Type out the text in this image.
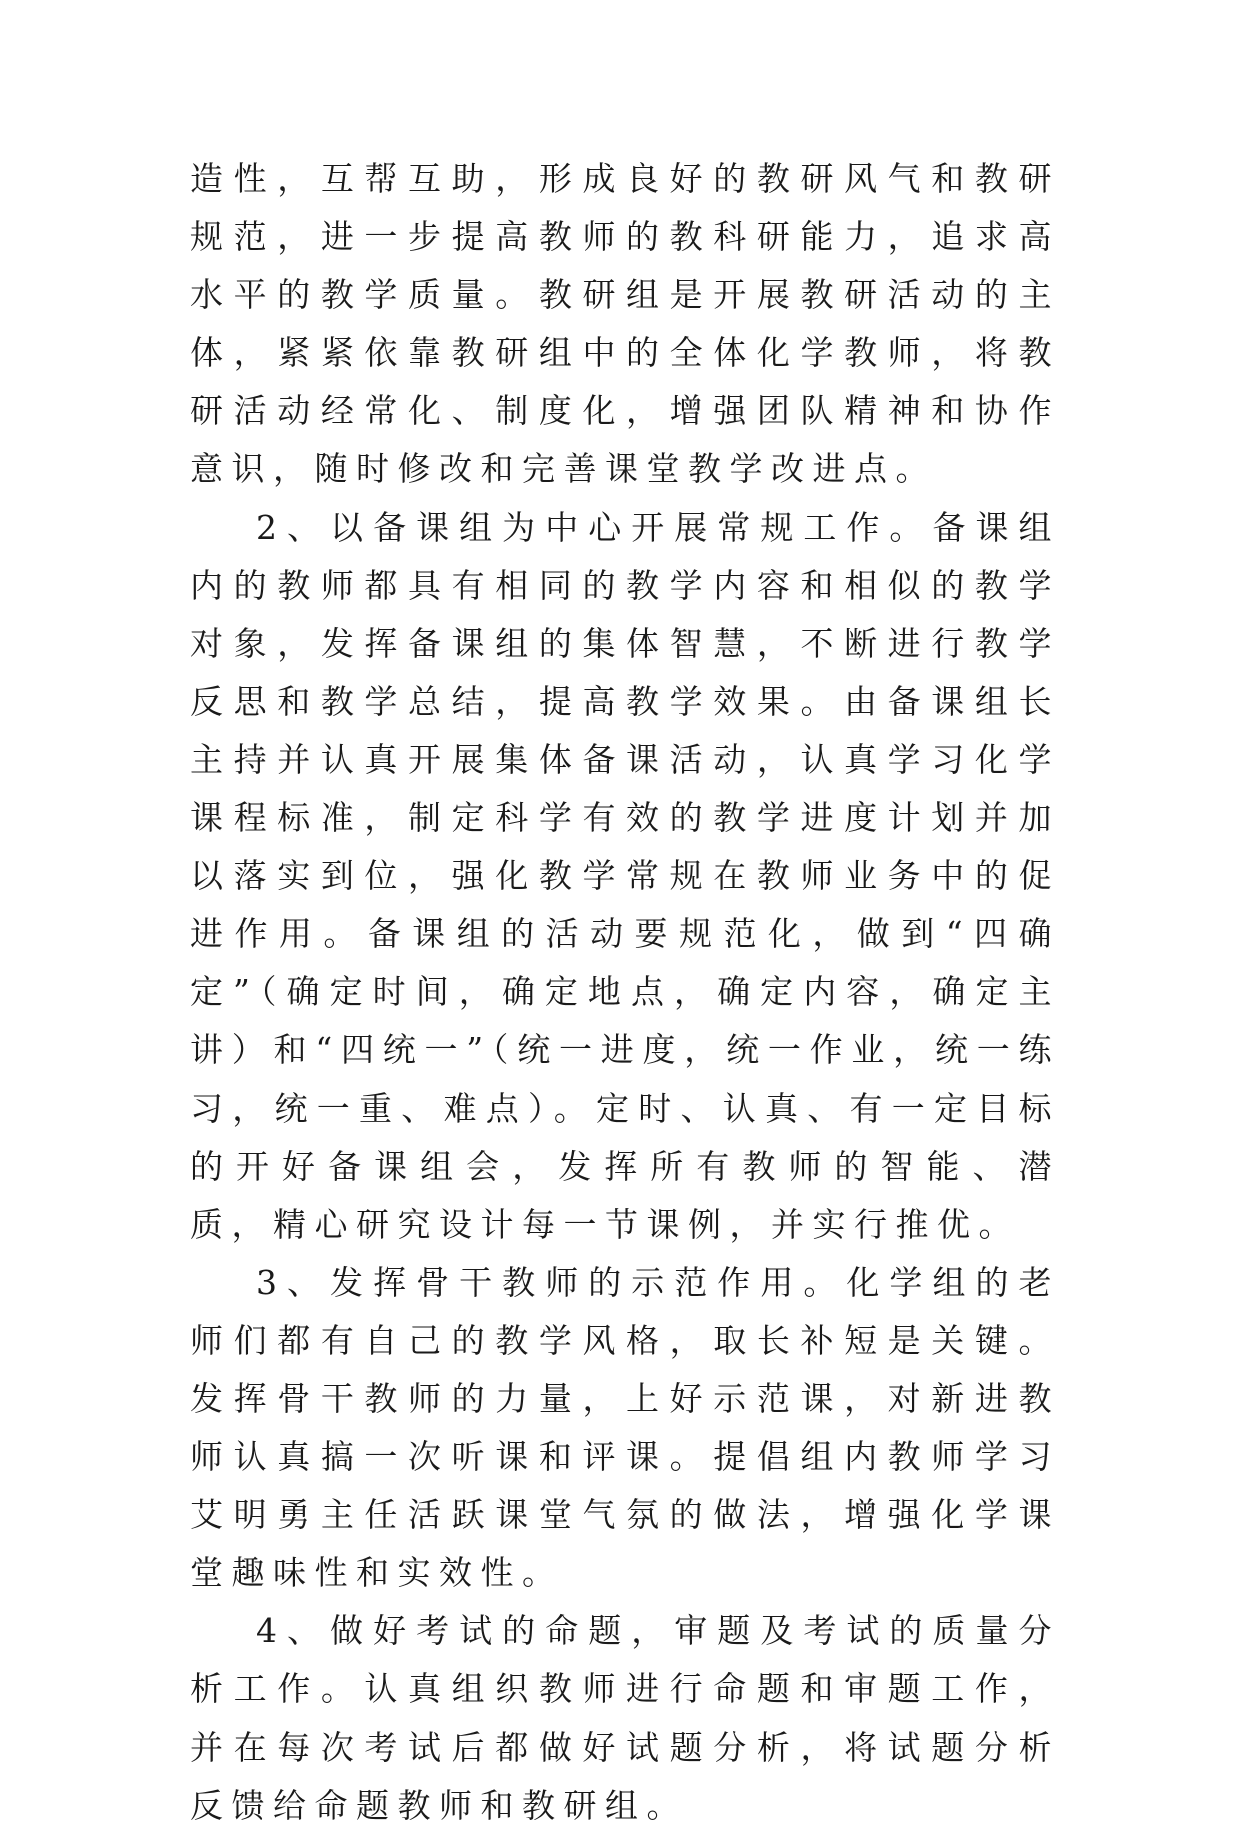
造性，互帮互助，形成良好的教研风气和教研规范，进一步提高教师的教科研能力，追求高水平的教学质量。教研组是开展教研活动的主体，紧紧依靠教研组中的全体化学教师，将教研活动经常化、制度化，增强团队精神和协作意识，随时修改和完善课堂教学改进点。

2、以备课组为中心开展常规工作。备课组内的教师都具有相同的教学内容和相似的教学对象，发挥备课组的集体智慧，不断进行教学反思和教学总结，提高教学效果。由备课组长主持并认真开展集体备课活动，认真学习化学课程标准，制定科学有效的教学进度计划并加以落实到位，强化教学常规在教师业务中的促进作用。备课组的活动要规范化，做到“四确定”（确定时间，确定地点，确定内容，确定主讲）和“四统一”（统一进度，统一作业，统一练习，统一重、难点）。定时、认真、有一定目标的开好备课组会，发挥所有教师的智能、潜质，精心研究设计每一节课例，并实行推优。

3、发挥骨干教师的示范作用。化学组的老师们都有自己的教学风格，取长补短是关键。发挥骨干教师的力量，上好示范课，对新进教师认真搞一次听课和评课。提倡组内教师学习艾明勇主任活跃课堂气氛的做法，增强化学课堂趣味性和实效性。

4、做好考试的命题，审题及考试的质量分析工作。认真组织教师进行命题和审题工作，并在每次考试后都做好试题分析，将试题分析反馈给命题教师和教研组。
